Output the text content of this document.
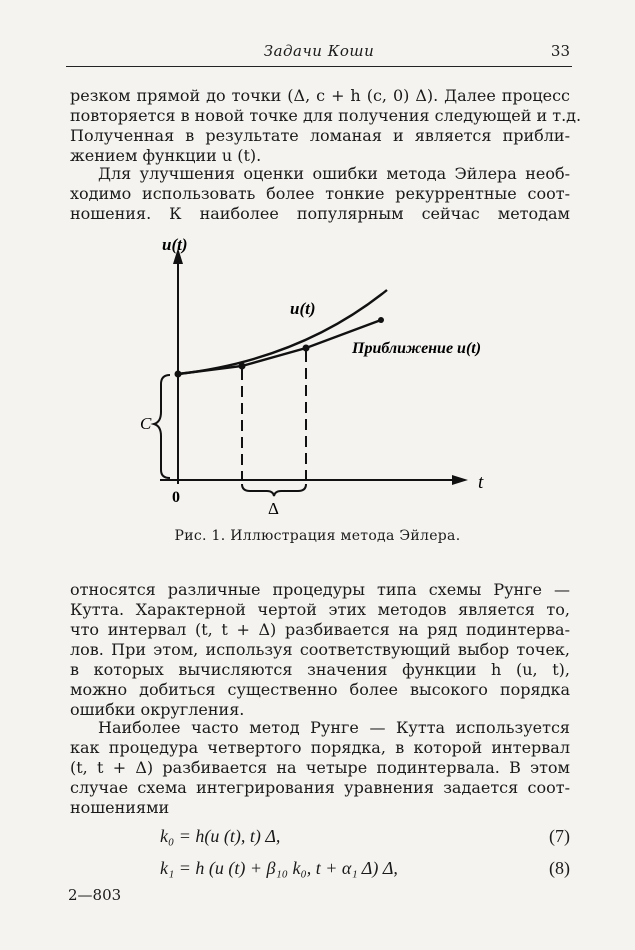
Задачи Коши	33

резком прямой до точки (Δ, c + h (c, 0) Δ). Далее процесс
повторяется в новой точке для получения следующей и т.д.
Полученная в результате ломаная и является прибли-
жением функции u (t).

Для улучшения оценки ошибки метода Эйлера необ-
ходимо использовать более тонкие рекуррентные соот-
ношения. К наиболее популярным сейчас методам

u(t)
t
0
u(t)
Приближение u(t)
C
Δ
Рис. 1. Иллюстрация метода Эйлера.

относятся различные процедуры типа схемы Рунге —
Кутта. Характерной чертой этих методов является то,
что интервал (t, t + Δ) разбивается на ряд подинтерва-
лов. При этом, используя соответствующий выбор точек,
в которых вычисляются значения функции h (u, t),
можно добиться существенно более высокого порядка
ошибки округления.

Наиболее часто метод Рунге — Кутта используется
как процедура четвертого порядка, в которой интервал
(t, t + Δ) разбивается на четыре подинтервала. В этом
случае схема интегрирования уравнения задается соот-
ношениями

k₀ = h(u (t), t) Δ,	(7)
k₁ = h (u (t) + β₁₀ k₀, t + α₁ Δ) Δ,	(8)
2—803
